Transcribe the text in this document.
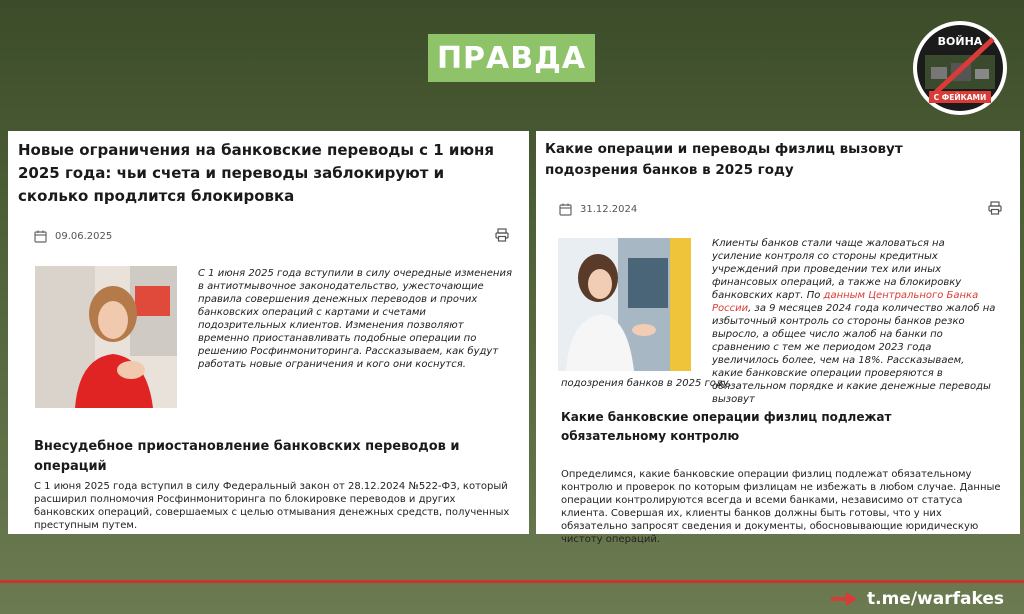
ПРАВДА	ВОЙНА
С ФЕЙКАМИ
Новые ограничения на банковские переводы с 1 июня 2025 года: чьи счета и переводы заблокируют и сколько продлится блокировка
09.06.2025
С 1 июня 2025 года вступили в силу очередные изменения в антиотмывочное законодательство, ужесточающие правила совершения денежных переводов и прочих банковских операций с картами и счетами подозрительных клиентов. Изменения позволяют временно приостанавливать подобные операции по решению Росфинмониторинга. Рассказываем, как будут работать новые ограничения и кого они коснутся.
Внесудебное приостановление банковских переводов и операций
С 1 июня 2025 года вступил в силу Федеральный закон от 28.12.2024 №522-ФЗ, который расширил полномочия Росфинмониторинга по блокировке переводов и других банковских операций, совершаемых с целью отмывания денежных средств, полученных преступным путем.
Какие операции и переводы физлиц вызовут подозрения банков в 2025 году
31.12.2024
Клиенты банков стали чаще жаловаться на усиление контроля со стороны кредитных учреждений при проведении тех или иных финансовых операций, а также на блокировку банковских карт. По данным Центрального Банка России, за 9 месяцев 2024 года количество жалоб на избыточный контроль со стороны банков резко выросло, а общее число жалоб на банки по сравнению с тем же периодом 2023 года увеличилось более, чем на 18%. Рассказываем, какие банковские операции проверяются в обязательном порядке и какие денежные переводы вызовут
подозрения банков в 2025 году.
Какие банковские операции физлиц подлежат обязательному контролю
Определимся, какие банковские операции физлиц подлежат обязательному контролю и проверок по которым физлицам не избежать в любом случае. Данные операции контролируются всегда и всеми банками, независимо от статуса клиента. Совершая их, клиенты банков должны быть готовы, что у них обязательно запросят сведения и документы, обосновывающие юридическую чистоту операций.
t.me/warfakes
